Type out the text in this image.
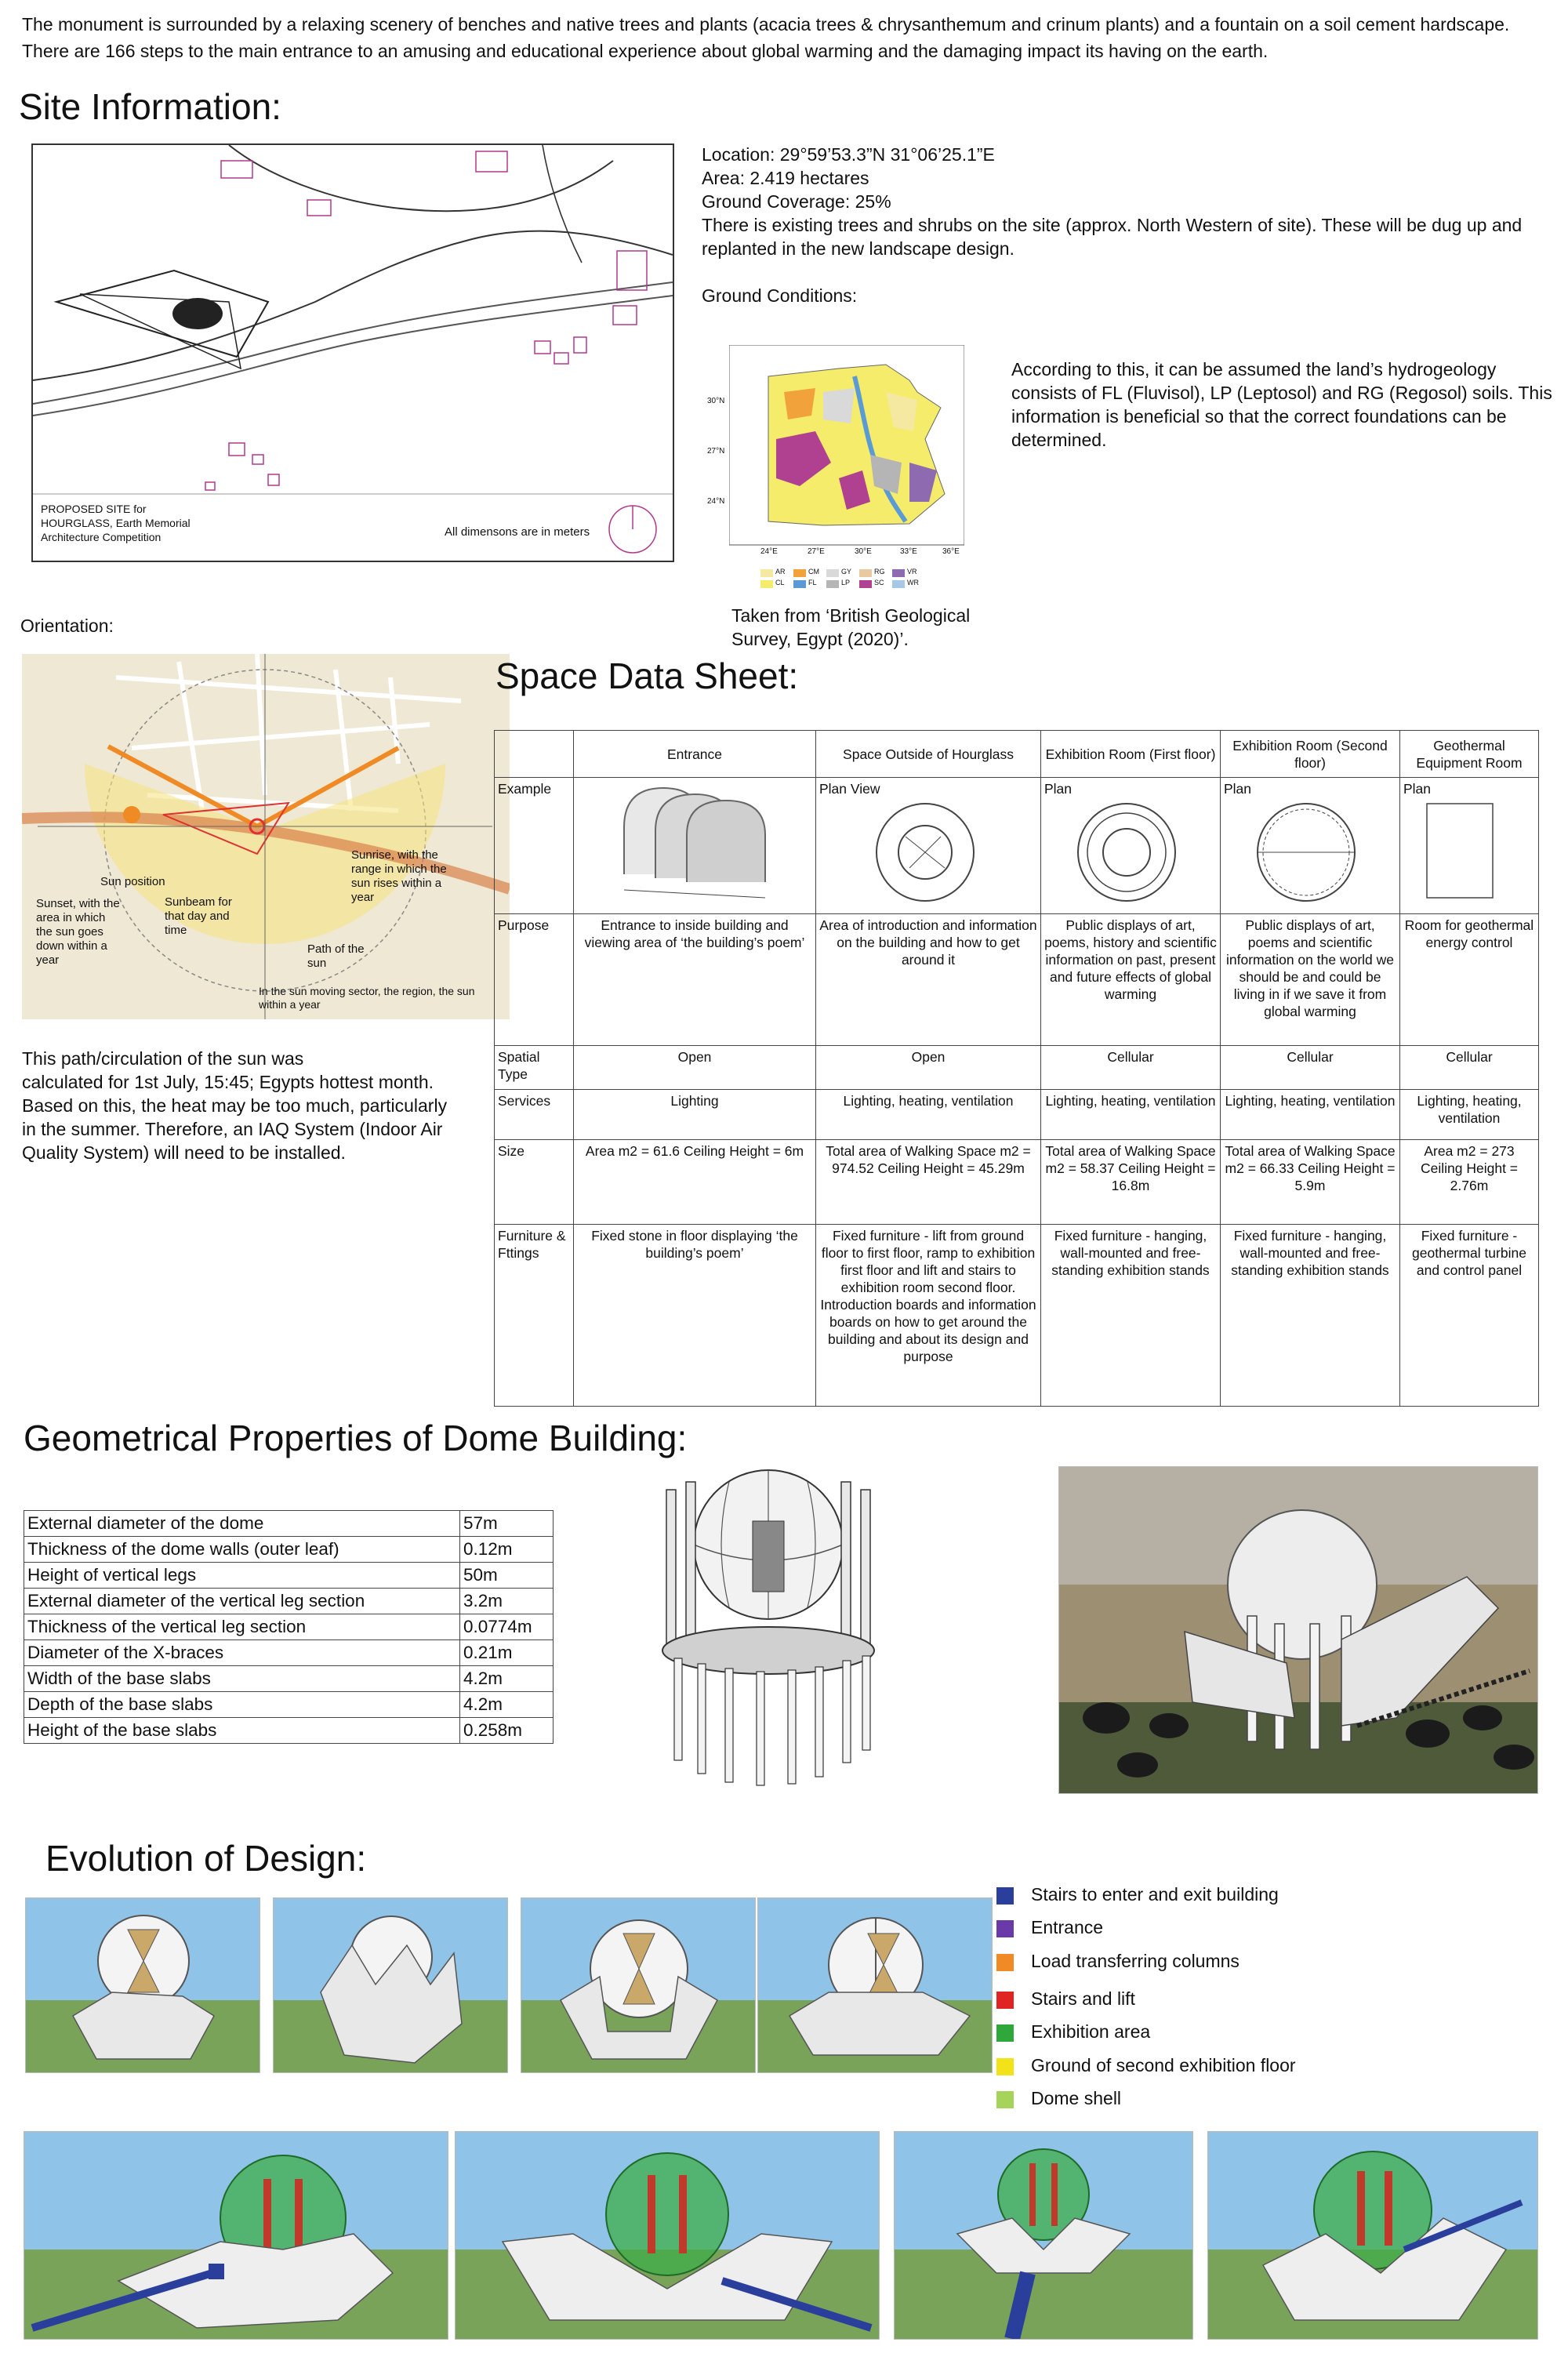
The monument is surrounded by a relaxing scenery of benches and native trees and plants (acacia trees & chrysanthemum and crinum plants) and a fountain on a soil cement hardscape.
There are 166 steps to the main entrance to an amusing and educational experience about global warming and the damaging impact its having on the earth.
Site Information:
PROPOSED SITE for
HOURGLASS, Earth Memorial
Architecture Competition	All dimensons are in meters
Location: 29°59’53.3”N 31°06’25.1”E
Area: 2.419 hectares
Ground Coverage: 25%
There is existing trees and shrubs on the site (approx. North Western of site). These will be dug up and
replanted in the new landscape design.
Ground Conditions:
30°N
27°N
24°N
24°E	27°E	30°E	33°E	36°E
AR	CM	GY	RG	VR
CL	FL	LP	SC	WR
According to this, it can be assumed the land’s hydrogeology
consists of FL (Fluvisol), LP (Leptosol) and RG (Regosol) soils. This
information is beneficial so that the correct foundations can be
determined.
Taken from ‘British Geological
Survey, Egypt (2020)’.
Orientation:
Sunset, with the area in which the sun goes down within a year
Sun position
Sunbeam for that day and time
Path of the sun
Sunrise, with the range in which the sun rises within a year
In the sun moving sector, the region, the sun within a year
This path/circulation of the sun was
calculated for 1st July, 15:45; Egypts hottest month.
Based on this, the heat may be too much, particularly
in the summer. Therefore, an IAQ System (Indoor Air
Quality System) will need to be installed.
Space Data Sheet:
	Entrance	Space Outside of Hourglass	Exhibition Room (First floor)	Exhibition Room (Second floor)	Geothermal Equipment Room
Example		Plan View	Plan	Plan	Plan

Purpose	Entrance to inside building and viewing area of ‘the building’s poem’	Area of introduction and information on the building and how to get around it	Public displays of art, poems, history and scientific information on past, present and future effects of global warming	Public displays of art, poems and scientific information on the world we should be and could be living in if we save it from global warming	Room for geothermal energy control
Spatial Type	Open	Open	Cellular	Cellular	Cellular
Services	Lighting	Lighting, heating, ventilation	Lighting, heating, ventilation	Lighting, heating, ventilation	Lighting, heating, ventilation
Size	Area m2 = 61.6 Ceiling Height = 6m	Total area of Walking Space m2 = 974.52 Ceiling Height = 45.29m	Total area of Walking Space m2 = 58.37 Ceiling Height = 16.8m	Total area of Walking Space m2 = 66.33 Ceiling Height = 5.9m	Area m2 = 273 Ceiling Height = 2.76m
Furniture & Fttings	Fixed stone in floor displaying ‘the building’s poem’	Fixed furniture - lift from ground floor to first floor, ramp to exhibition first floor and lift and stairs to exhibition room second floor. Introduction boards and information boards on how to get around the building and about its design and purpose	Fixed furniture - hanging, wall-mounted and free-standing exhibition stands	Fixed furniture - hanging, wall-mounted and free-standing exhibition stands	Fixed furniture - geothermal turbine and control panel
Geometrical Properties of Dome Building:
External diameter of the dome	57m
Thickness of the dome walls (outer leaf)	0.12m
Height of vertical legs	50m
External diameter of the vertical leg section	3.2m
Thickness of the vertical leg section	0.0774m
Diameter of the X-braces	0.21m
Width of the base slabs	4.2m
Depth of the base slabs	4.2m
Height of the base slabs	0.258m
Evolution of Design:
Stairs to enter and exit building
Entrance
Load transferring columns
Stairs and lift
Exhibition area
Ground of second exhibition floor
Dome shell
